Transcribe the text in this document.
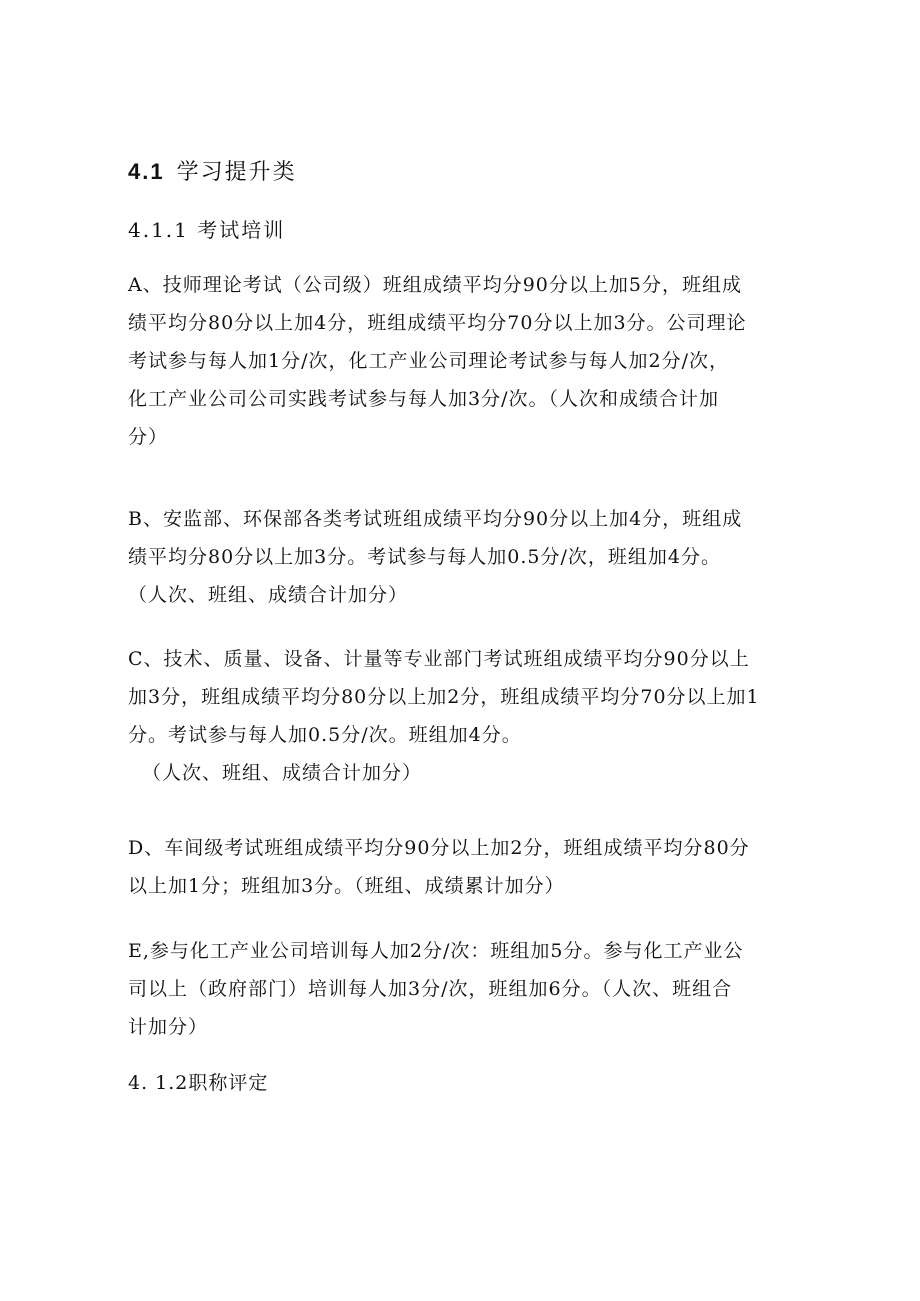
4.1 学习提升类
4.1.1 考试培训
A、技师理论考试（公司级）班组成绩平均分90分以上加5分，班组成
绩平均分80分以上加4分，班组成绩平均分70分以上加3分。公司理论
考试参与每人加1分/次，化工产业公司理论考试参与每人加2分/次，
化工产业公司公司实践考试参与每人加3分/次。（人次和成绩合计加
分）
B、安监部、环保部各类考试班组成绩平均分90分以上加4分，班组成
绩平均分80分以上加3分。考试参与每人加0.5分/次，班组加4分。
（人次、班组、成绩合计加分）
C、技术、质量、设备、计量等专业部门考试班组成绩平均分90分以上
加3分，班组成绩平均分80分以上加2分，班组成绩平均分70分以上加1
分。考试参与每人加0.5分/次。班组加4分。
（人次、班组、成绩合计加分）
D、车间级考试班组成绩平均分90分以上加2分，班组成绩平均分80分
以上加1分；班组加3分。（班组、成绩累计加分）
E,参与化工产业公司培训每人加2分/次：班组加5分。参与化工产业公
司以上（政府部门）培训每人加3分/次，班组加6分。（人次、班组合
计加分）
4. 1.2职称评定
